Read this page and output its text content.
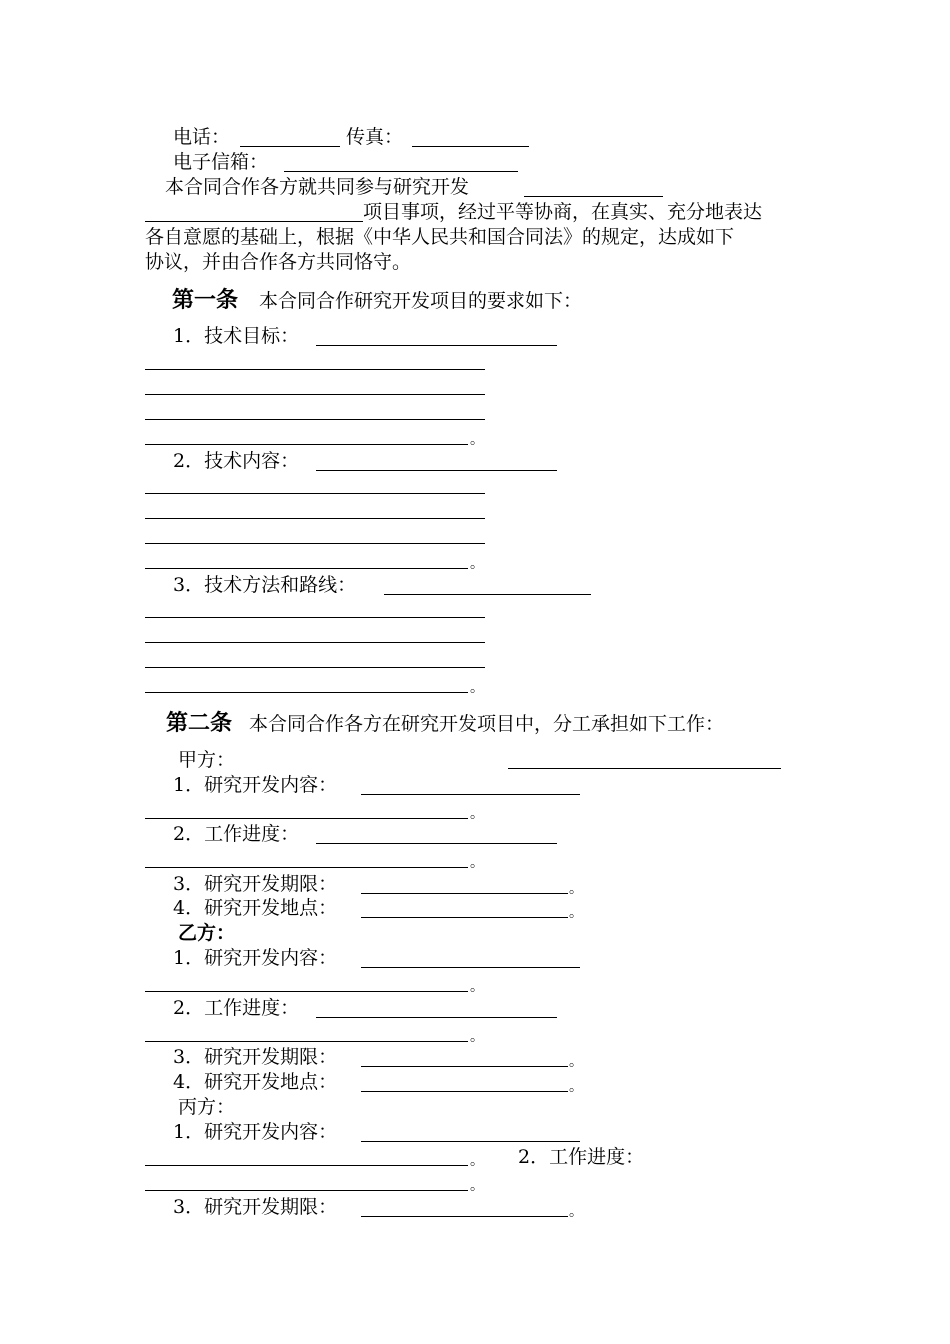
电话：	传真：
电子信箱：
本合同合作各方就共同参与研究开发
项目事项，经过平等协商，在真实、充分地表达
各自意愿的基础上，根据《中华人民共和国合同法》的规定，达成如下
协议，并由合作各方共同恪守。
第一条 本合同合作研究开发项目的要求如下：
1．技术目标：
。
2．技术内容：
。
3．技术方法和路线：
。
第二条 本合同合作各方在研究开发项目中，分工承担如下工作：
甲方：
1．研究开发内容：
。
2．工作进度：
。
3．研究开发期限：	。
4．研究开发地点：	。
乙方：
1．研究开发内容：
。
2．工作进度：
。
3．研究开发期限：	。
4．研究开发地点：	。
丙方：
1．研究开发内容：
。 2．工作进度：
。
3．研究开发期限：	。
